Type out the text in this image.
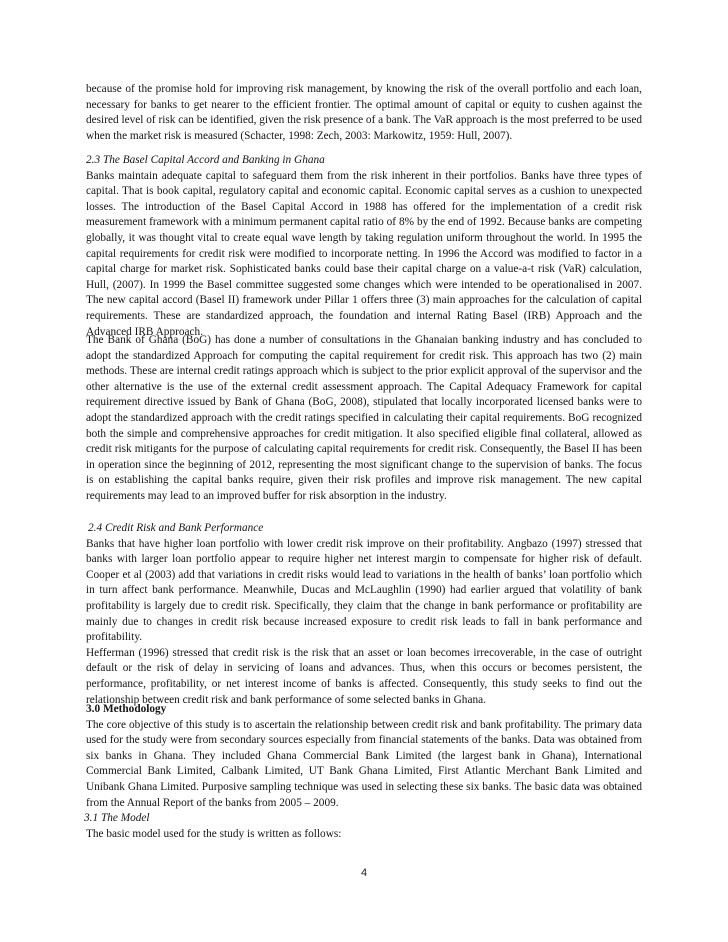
because of the promise hold for improving risk management, by knowing the risk of the overall portfolio and each loan, necessary for banks to get nearer to the efficient frontier. The optimal amount of capital or equity to cushen against the desired level of risk can be identified, given the risk presence of a bank. The VaR approach is the most preferred to be used when the market risk is measured (Schacter, 1998: Zech, 2003: Markowitz, 1959: Hull, 2007).

2.3 The Basel Capital Accord and Banking in Ghana

Banks maintain adequate capital to safeguard them from the risk inherent in their portfolios. Banks have three types of capital. That is book capital, regulatory capital and economic capital. Economic capital serves as a cushion to unexpected losses. The introduction of the Basel Capital Accord in 1988 has offered for the implementation of a credit risk measurement framework with a minimum permanent capital ratio of 8% by the end of 1992. Because banks are competing globally, it was thought vital to create equal wave length by taking regulation uniform throughout the world. In 1995 the capital requirements for credit risk were modified to incorporate netting. In 1996 the Accord was modified to factor in a capital charge for market risk. Sophisticated banks could base their capital charge on a value-a-t risk (VaR) calculation, Hull, (2007). In 1999 the Basel committee suggested some changes which were intended to be operationalised in 2007. The new capital accord (Basel II) framework under Pillar 1 offers three (3) main approaches for the calculation of capital requirements. These are standardized approach, the foundation and internal Rating Basel (IRB) Approach and the Advanced IRB Approach.

The Bank of Ghana (BoG) has done a number of consultations in the Ghanaian banking industry and has concluded to adopt the standardized Approach for computing the capital requirement for credit risk. This approach has two (2) main methods. These are internal credit ratings approach which is subject to the prior explicit approval of the supervisor and the other alternative is the use of the external credit assessment approach. The Capital Adequacy Framework for capital requirement directive issued by Bank of Ghana (BoG, 2008), stipulated that locally incorporated licensed banks were to adopt the standardized approach with the credit ratings specified in calculating their capital requirements. BoG recognized both the simple and comprehensive approaches for credit mitigation. It also specified eligible final collateral, allowed as credit risk mitigants for the purpose of calculating capital requirements for credit risk. Consequently, the Basel II has been in operation since the beginning of 2012, representing the most significant change to the supervision of banks. The focus is on establishing the capital banks require, given their risk profiles and improve risk management. The new capital requirements may lead to an improved buffer for risk absorption in the industry.

2.4 Credit Risk and Bank Performance

Banks that have higher loan portfolio with lower credit risk improve on their profitability. Angbazo (1997) stressed that banks with larger loan portfolio appear to require higher net interest margin to compensate for higher risk of default. Cooper et al (2003) add that variations in credit risks would lead to variations in the health of banks’ loan portfolio which in turn affect bank performance. Meanwhile, Ducas and McLaughlin (1990) had earlier argued that volatility of bank profitability is largely due to credit risk. Specifically, they claim that the change in bank performance or profitability are mainly due to changes in credit risk because increased exposure to credit risk leads to fall in bank performance and profitability.

Hefferman (1996) stressed that credit risk is the risk that an asset or loan becomes irrecoverable, in the case of outright default or the risk of delay in servicing of loans and advances. Thus, when this occurs or becomes persistent, the performance, profitability, or net interest income of banks is affected. Consequently, this study seeks to find out the relationship between credit risk and bank performance of some selected banks in Ghana.

3.0 Methodology

The core objective of this study is to ascertain the relationship between credit risk and bank profitability. The primary data used for the study were from secondary sources especially from financial statements of the banks. Data was obtained from six banks in Ghana. They included Ghana Commercial Bank Limited (the largest bank in Ghana), International Commercial Bank Limited, Calbank Limited, UT Bank Ghana Limited, First Atlantic Merchant Bank Limited and Unibank Ghana Limited. Purposive sampling technique was used in selecting these six banks. The basic data was obtained from the Annual Report of the banks from 2005 – 2009.

3.1 The Model

The basic model used for the study is written as follows:

4
